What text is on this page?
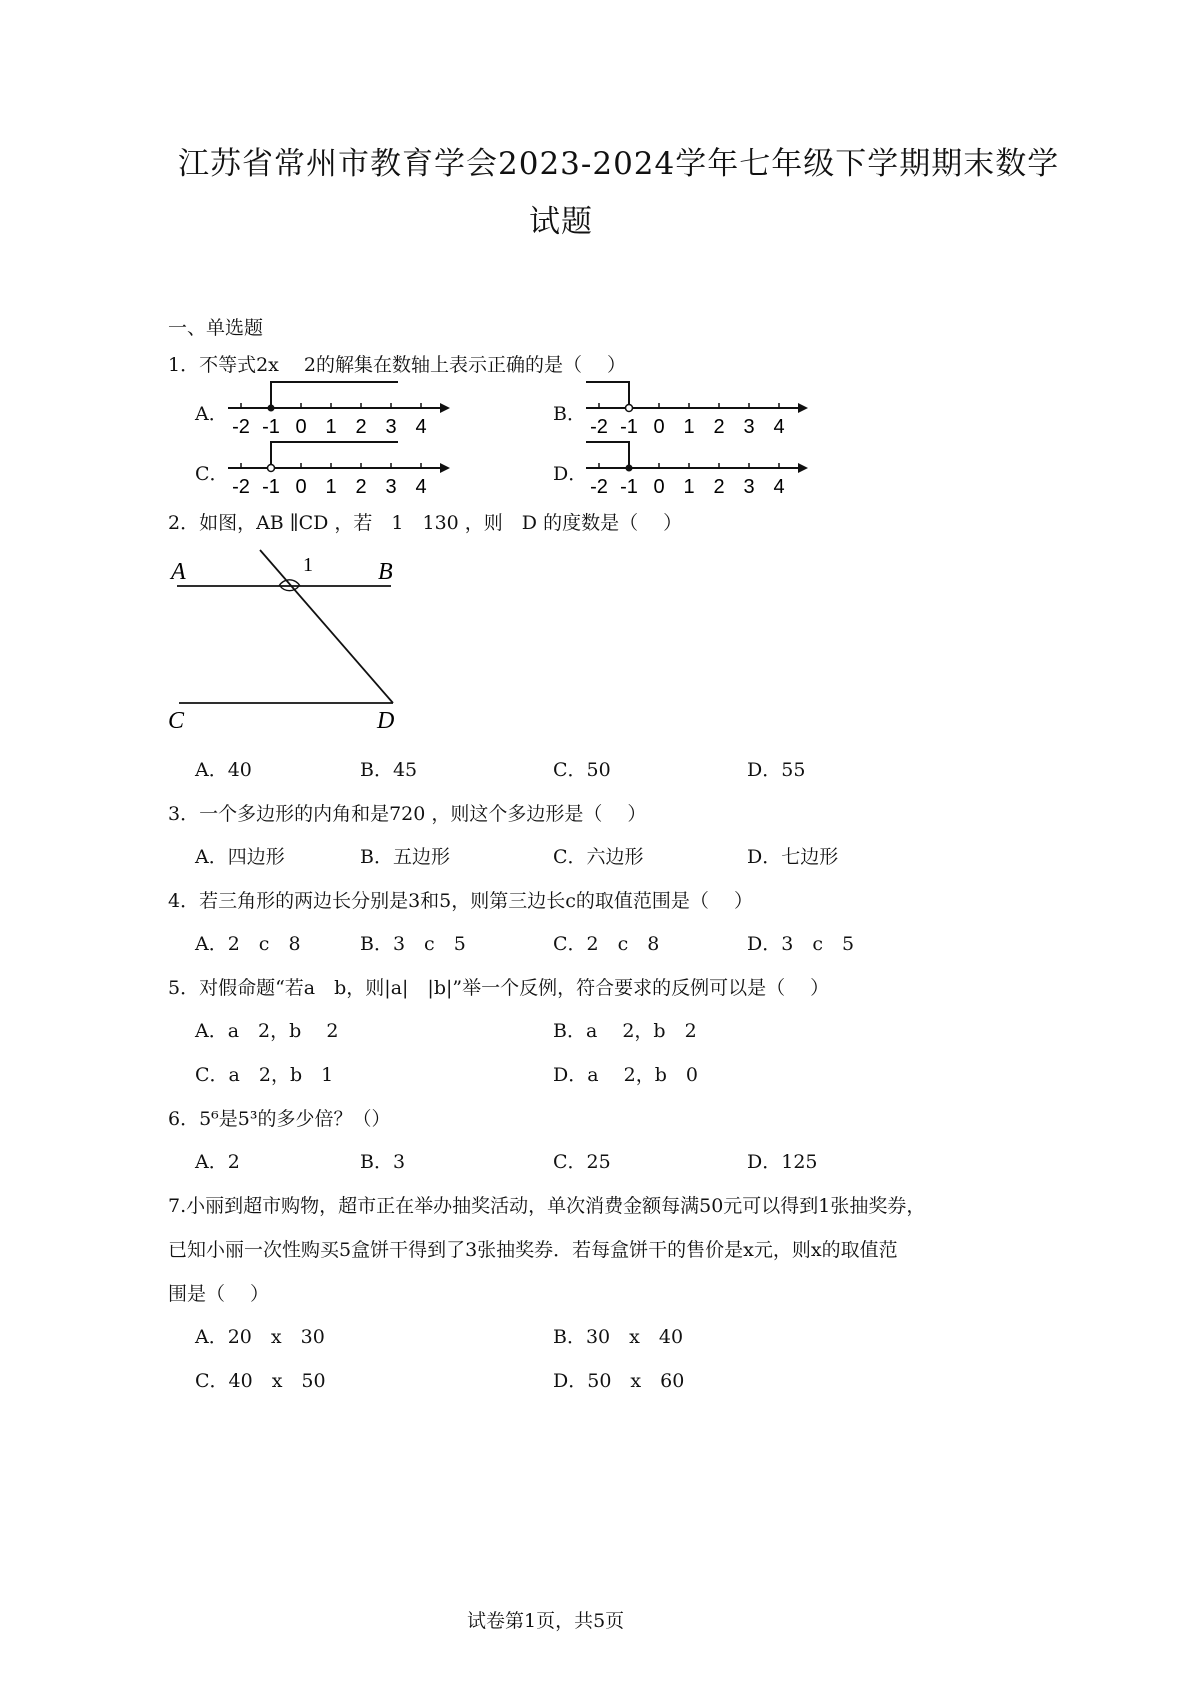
江苏省常州市教育学会2023-2024学年七年级下学期期末数学
试题
一、单选题
1．不等式2x　 2的解集在数轴上表示正确的是（　 ）
A．
-2 -1 0 1 2 3 4
B．
-2 -1 0 1 2 3 4
C．
-2 -1 0 1 2 3 4
D．
-2 -1 0 1 2 3 4
2．如图，AB ∥CD ，若　1　130 ，则　D 的度数是（　 ）
A	B
C	D
1
A．40	B．45	C．50	D．55
3．一个多边形的内角和是720 ，则这个多边形是（　 ）
A．四边形	B．五边形	C．六边形	D．七边形
4．若三角形的两边长分别是3和5，则第三边长c的取值范围是（　 ）
A．2　c　8	B．3　c　5	C．2　c　8	D．3　c　5
5．对假命题“若a　b，则|a|　|b|”举一个反例，符合要求的反例可以是（　 ）
A．a　2，b　 2	B．a　 2，b　2
C．a　2，b　1	D．a　 2，b　0
6．5⁶是5³的多少倍？（）
A．2	B．3	C．25	D．125
7.小丽到超市购物，超市正在举办抽奖活动，单次消费金额每满50元可以得到1张抽奖券，
已知小丽一次性购买5盒饼干得到了3张抽奖券．若每盒饼干的售价是x元，则x的取值范
围是（　 ）
A．20　x　30	B．30　x　40
C．40　x　50	D．50　x　60
试卷第1页，共5页
